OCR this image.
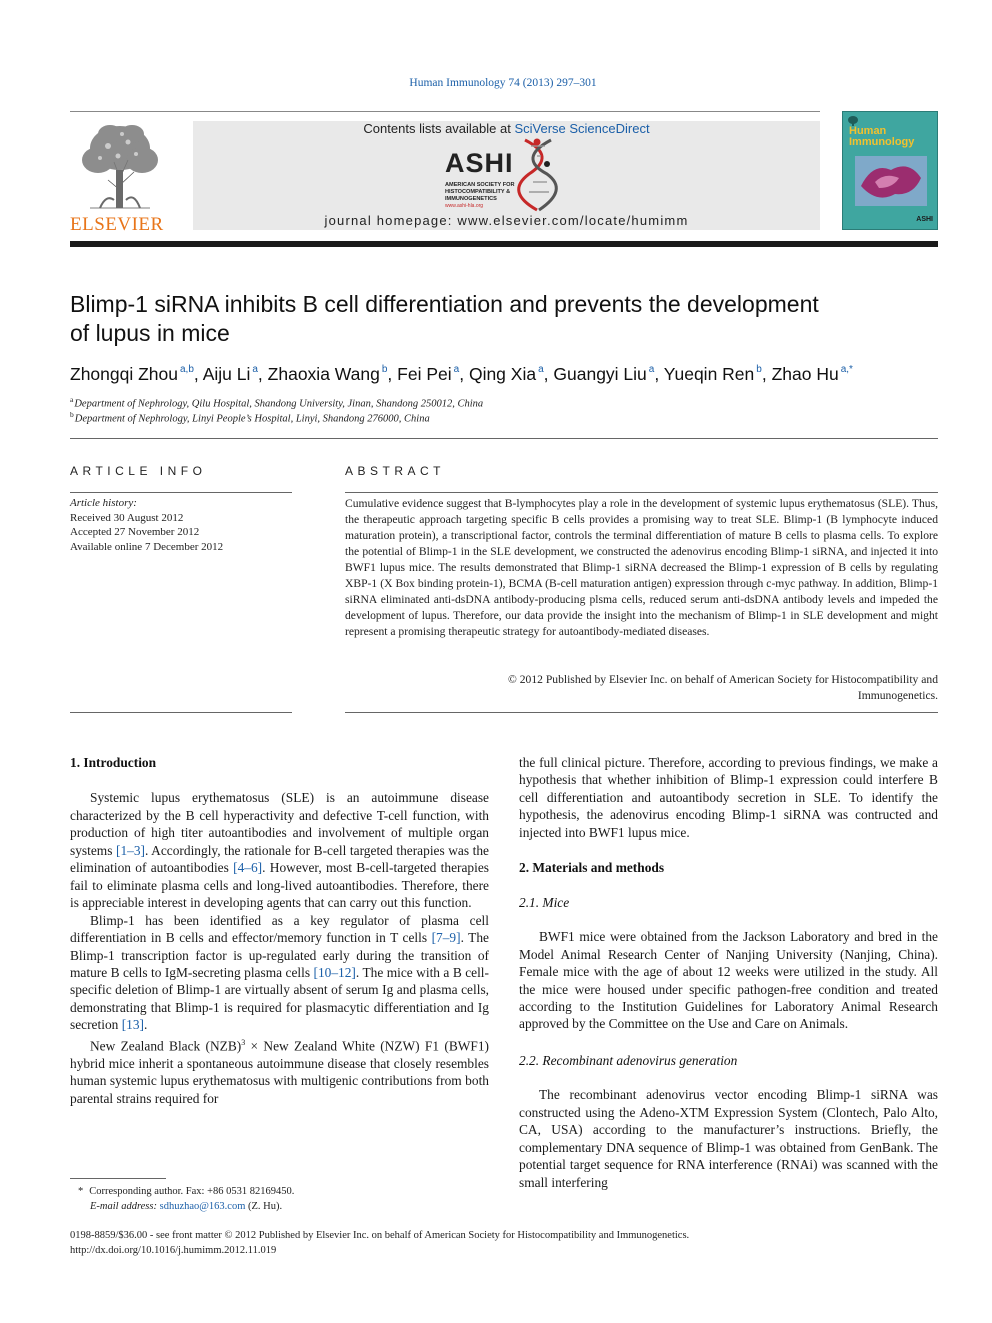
Human Immunology 74 (2013) 297–301
ELSEVIER
Contents lists available at SciVerse ScienceDirect
ASHI
AMERICAN SOCIETY FOR
HISTOCOMPATIBILITY &
IMMUNOGENETICS
www.ashi-hla.org
journal homepage: www.elsevier.com/locate/humimm
Human
Immunology
ASHI
Blimp-1 siRNA inhibits B cell differentiation and prevents the development
of lupus in mice
Zhongqi Zhou $^{a,b}$, Aiju Li $^a$, Zhaoxia Wang $^b$, Fei Pei $^a$, Qing Xia $^a$, Guangyi Liu $^a$, Yueqin Ren $^b$, Zhao Hu $^{a,*}$
$^a$Department of Nephrology, Qilu Hospital, Shandong University, Jinan, Shandong 250012, China
$^b$Department of Nephrology, Linyi People’s Hospital, Linyi, Shandong 276000, China
ARTICLE INFO
Article history:
Received 30 August 2012
Accepted 27 November 2012
Available online 7 December 2012
ABSTRACT
Cumulative evidence suggest that B-lymphocytes play a role in the development of systemic lupus erythematosus (SLE). Thus, the therapeutic approach targeting specific B cells provides a promising way to treat SLE. Blimp-1 (B lymphocyte induced maturation protein), a transcriptional factor, controls the terminal differentiation of mature B cells to plasma cells. To explore the potential of Blimp-1 in the SLE development, we constructed the adenovirus encoding Blimp-1 siRNA, and injected it into BWF1 lupus mice. The results demonstrated that Blimp-1 siRNA decreased the Blimp-1 expression of B cells by regulating XBP-1 (X Box binding protein-1), BCMA (B-cell maturation antigen) expression through c-myc pathway. In addition, Blimp-1 siRNA eliminated anti-dsDNA antibody-producing plsma cells, reduced serum anti-dsDNA antibody levels and impeded the development of lupus. Therefore, our data provide the insight into the mechanism of Blimp-1 in SLE development and might represent a promising therapeutic strategy for autoantibody-mediated diseases.
© 2012 Published by Elsevier Inc. on behalf of American Society for Histocompatibility and
Immunogenetics.
1. Introduction

Systemic lupus erythematosus (SLE) is an autoimmune disease characterized by the B cell hyperactivity and defective T-cell function, with production of high titer autoantibodies and involvement of multiple organ systems [1–3]. Accordingly, the rationale for B-cell targeted therapies was the elimination of autoantibodies [4–6]. However, most B-cell-targeted therapies fail to eliminate plasma cells and long-lived autoantibodies. Therefore, there is appreciable interest in developing agents that can carry out this function.

Blimp-1 has been identified as a key regulator of plasma cell differentiation in B cells and effector/memory function in T cells [7–9]. The Blimp-1 transcription factor is up-regulated early during the transition of mature B cells to IgM-secreting plasma cells [10–12]. The mice with a B cell-specific deletion of Blimp-1 are virtually absent of serum Ig and plasma cells, demonstrating that Blimp-1 is required for plasmacytic differentiation and Ig secretion [13].

New Zealand Black (NZB)$^3$ × New Zealand White (NZW) F1 (BWF1) hybrid mice inherit a spontaneous autoimmune disease that closely resembles human systemic lupus erythematosus with multigenic contributions from both parental strains required for

the full clinical picture. Therefore, according to previous findings, we make a hypothesis that whether inhibition of Blimp-1 expression could interfere B cell differentiation and autoantibody secretion in SLE. To identify the hypothesis, the adenovirus encoding Blimp-1 siRNA was contructed and injected into BWF1 lupus mice.

2. Materials and methods
2.1. Mice

BWF1 mice were obtained from the Jackson Laboratory and bred in the Model Animal Research Center of Nanjing University (Nanjing, China). Female mice with the age of about 12 weeks were utilized in the study. All the mice were housed under specific pathogen-free condition and treated according to the Institution Guidelines for Laboratory Animal Research approved by the Committee on the Use and Care on Animals.

2.2. Recombinant adenovirus generation

The recombinant adenovirus vector encoding Blimp-1 siRNA was constructed using the Adeno-XTM Expression System (Clontech, Palo Alto, CA, USA) according to the manufacturer’s instructions. Briefly, the complementary DNA sequence of Blimp-1 was obtained from GenBank. The potential target sequence for RNA interference (RNAi) was scanned with the small interfering

* Corresponding author. Fax: +86 0531 82169450.
E-mail address: sdhuzhao@163.com (Z. Hu).
0198-8859/$36.00 - see front matter © 2012 Published by Elsevier Inc. on behalf of American Society for Histocompatibility and Immunogenetics.
http://dx.doi.org/10.1016/j.humimm.2012.11.019
